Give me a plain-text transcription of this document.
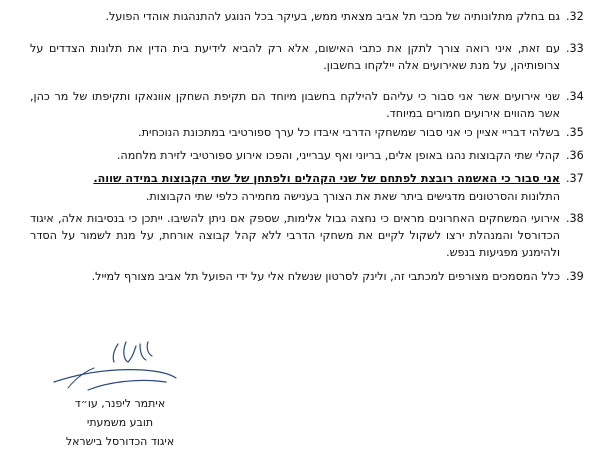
.32
גם בחלק מתלונותיה של מכבי תל אביב מצאתי ממש, בעיקר בכל הנוגע להתנהגות אוהדי הפועל.
.33
עם זאת, איני רואה צורך לתקן את כתבי האישום, אלא רק להביא לידיעת בית הדין את תלונות הצדדים על צרופותיהן, על מנת שאירועים אלה יילקחו בחשבון.
.34
שני אירועים אשר אני סבור כי עליהם להילקח בחשבון מיוחד הם תקיפת השחקן אוונאקו ותקיפתו של מר כהן, אשר מהווים אירועים חמורים במיוחד.
.35
בשלהי דבריי אציין כי אני סבור שמשחקי הדרבי איבדו כל ערך ספורטיבי במתכונת הנוכחית.
.36
קהלי שתי הקבוצות נהגו באופן אלים, בריוני ואף עברייני, והפכו אירוע ספורטיבי לזירת מלחמה.
.37
אני סבור כי האשמה רובצת לפתחם של שני הקהלים ולפתחן של שתי הקבוצות במידה שווה.
התלונות והסרטונים מדגישים ביתר שאת את הצורך בענישה מחמירה כלפי שתי הקבוצות.
.38
אירועי המשחקים האחרונים מראים כי נחצה גבול אלימות, שספק אם ניתן להשיבו. ייתכן כי בנסיבות אלה, איגוד הכדורסל והמנהלת ירצו לשקול לקיים את משחקי הדרבי ללא קהל קבוצה אורחת, על מנת לשמור על הסדר ולהימנע מפגיעות בנפש.
.39
כלל המסמכים מצורפים למכתבי זה, ולינק לסרטון שנשלח אלי על ידי הפועל תל אביב מצורף למייל.
איתמר ליפנר, עו״ד
תובע משמעתי
איגוד הכדורסל בישראל
